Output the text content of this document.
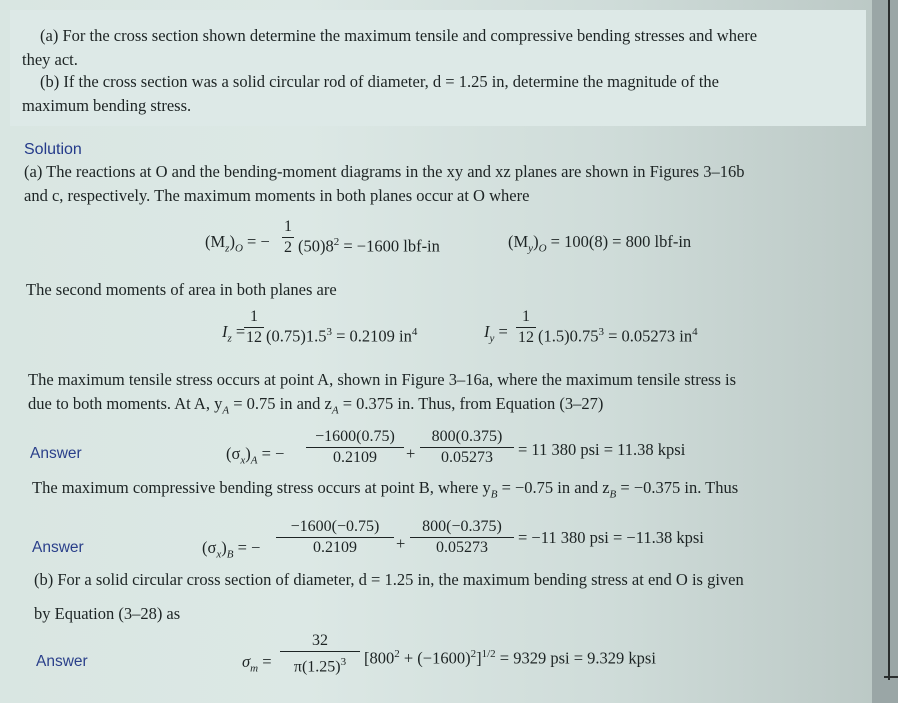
(a) For the cross section shown determine the maximum tensile and compressive bending stresses and where
they act.
(b) If the cross section was a solid circular rod of diameter, d = 1.25 in, determine the magnitude of the
maximum bending stress.
Solution
(a) The reactions at O and the bending-moment diagrams in the xy and xz planes are shown in Figures 3–16b
and c, respectively. The maximum moments in both planes occur at O where
$(M_z)_O$ = −
1
2 $(50)8^2 = -1600$ lbf-in	$(M_y)_O = 100(8) = 800$ lbf-in
The second moments of area in both planes are
$I_z$ =
1
12 $(0.75)1.5^3 = 0.2109$ $in^4$	$I_y$ =
1
12 $(1.5)0.75^3 = 0.05273$ $in^4$
The maximum tensile stress occurs at point A, shown in Figure 3–16a, where the maximum tensile stress is
due to both moments. At A, $y_A = 0.75$ in and $z_A = 0.375$ in. Thus, from Equation (3–27)
Answer	$(\sigma_x)_A$ = −
−1600(0.75)
0.2109	+
800(0.375)
0.05273	= 11 380 psi = 11.38 kpsi
The maximum compressive bending stress occurs at point B, where $y_B = -0.75$ in and $z_B = -0.375$ in. Thus
Answer	$(\sigma_x)_B$ = −
−1600(−0.75)
0.2109	+
800(−0.375)
0.05273
= −11 380 psi = −11.38 kpsi
(b) For a solid circular cross section of diameter, d = 1.25 in, the maximum bending stress at end O is given
by Equation (3–28) as
Answer	$\sigma_m$ =
32
$\pi(1.25)^3$	$[800^2 + (-1600)^2]^{1/2} = 9329$ psi = 9.329 kpsi
